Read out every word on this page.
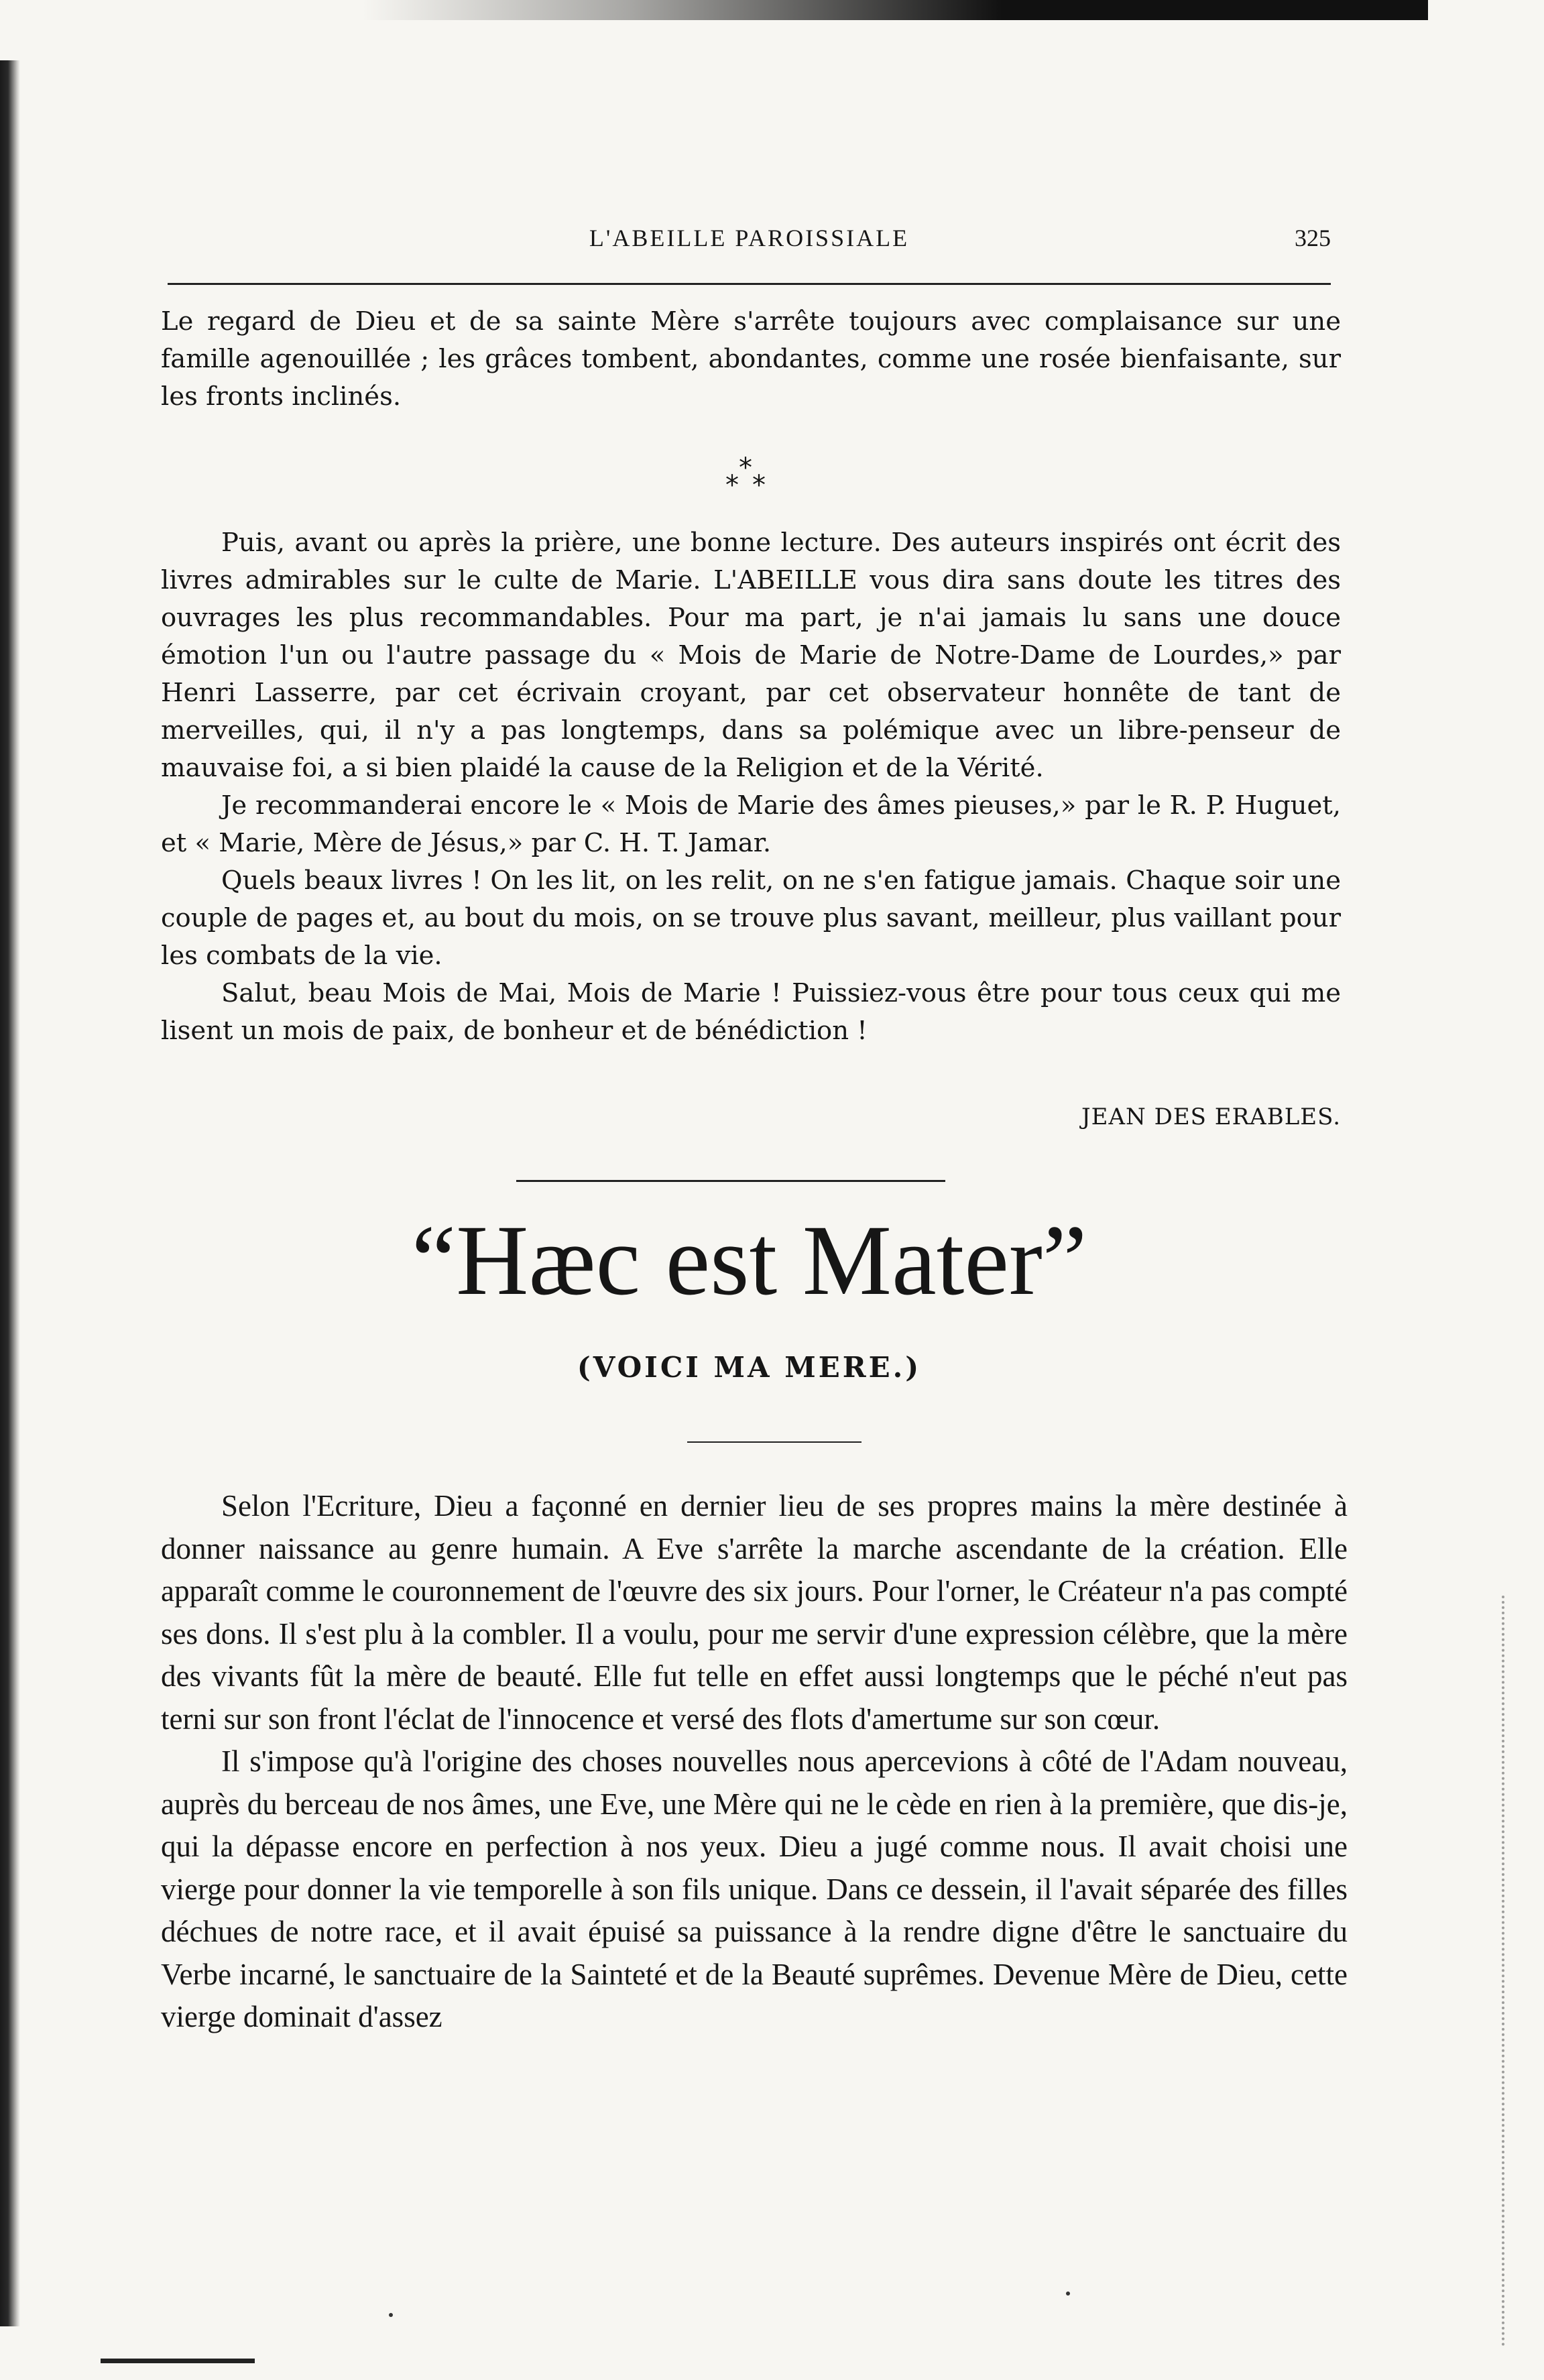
L'ABEILLE PAROISSIALE	325

Le regard de Dieu et de sa sainte Mère s'arrête toujours avec complaisance sur une famille agenouillée ; les grâces tombent, abondantes, comme une rosée bienfaisante, sur les fronts inclinés.

*
* *

Puis, avant ou après la prière, une bonne lecture. Des auteurs inspirés ont écrit des livres admirables sur le culte de Marie. L'ABEILLE vous dira sans doute les titres des ouvrages les plus recommandables. Pour ma part, je n'ai jamais lu sans une douce émotion l'un ou l'autre passage du « Mois de Marie de Notre-Dame de Lourdes,» par Henri Lasserre, par cet écrivain croyant, par cet observateur honnête de tant de merveilles, qui, il n'y a pas longtemps, dans sa polémique avec un libre-penseur de mauvaise foi, a si bien plaidé la cause de la Religion et de la Vérité.

Je recommanderai encore le « Mois de Marie des âmes pieuses,» par le R. P. Huguet, et « Marie, Mère de Jésus,» par C. H. T. Jamar.

Quels beaux livres ! On les lit, on les relit, on ne s'en fatigue jamais. Chaque soir une couple de pages et, au bout du mois, on se trouve plus savant, meilleur, plus vaillant pour les combats de la vie.

Salut, beau Mois de Mai, Mois de Marie ! Puissiez-vous être pour tous ceux qui me lisent un mois de paix, de bonheur et de bénédiction !

JEAN DES ERABLES.
“Hæc est Mater”
(VOICI MA MERE.)

Selon l'Ecriture, Dieu a façonné en dernier lieu de ses propres mains la mère destinée à donner naissance au genre humain. A Eve s'arrête la marche ascendante de la création. Elle apparaît comme le couronnement de l'œuvre des six jours. Pour l'orner, le Créateur n'a pas compté ses dons. Il s'est plu à la combler. Il a voulu, pour me servir d'une expression célèbre, que la mère des vivants fût la mère de beauté. Elle fut telle en effet aussi longtemps que le péché n'eut pas terni sur son front l'éclat de l'innocence et versé des flots d'amertume sur son cœur.

Il s'impose qu'à l'origine des choses nouvelles nous apercevions à côté de l'Adam nouveau, auprès du berceau de nos âmes, une Eve, une Mère qui ne le cède en rien à la première, que dis-je, qui la dépasse encore en perfection à nos yeux. Dieu a jugé comme nous. Il avait choisi une vierge pour donner la vie temporelle à son fils unique. Dans ce dessein, il l'avait séparée des filles déchues de notre race, et il avait épuisé sa puissance à la rendre digne d'être le sanctuaire du Verbe incarné, le sanctuaire de la Sainteté et de la Beauté suprêmes. Devenue Mère de Dieu, cette vierge dominait d'assez
